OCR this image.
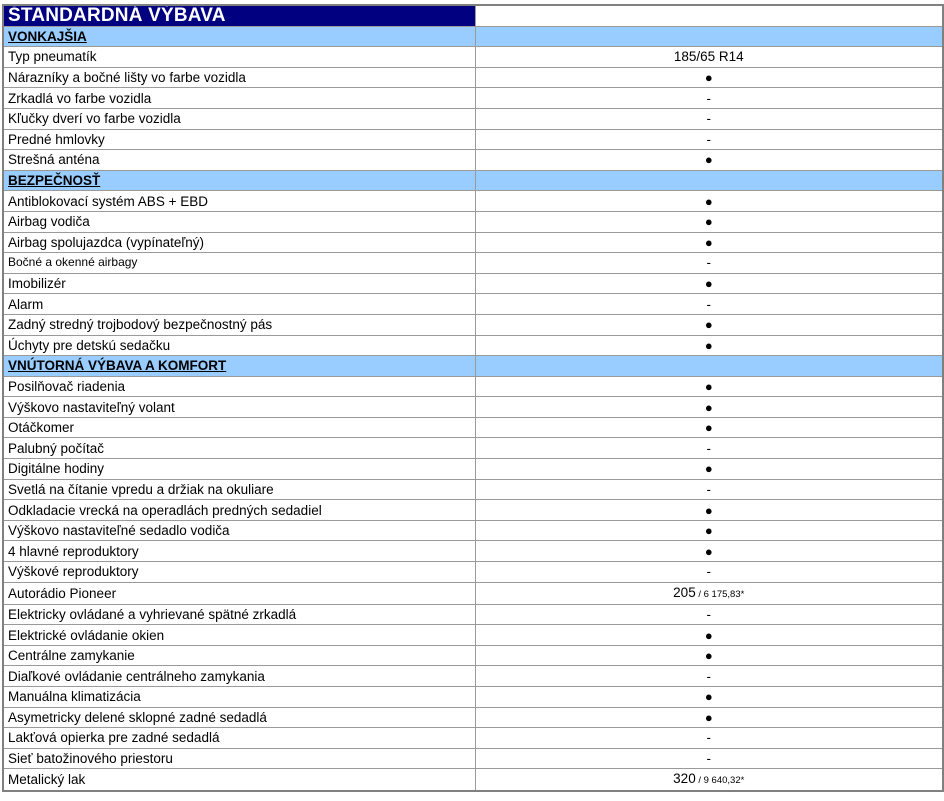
ŠTANDARDNÁ VÝBAVA	
VONKAJŠIA	
Typ pneumatík	185/65 R14
Nárazníky a bočné lišty vo farbe vozidla	●
Zrkadlá vo farbe vozidla	-
Kľučky dverí vo farbe vozidla	-
Predné hmlovky	-
Strešná anténa	●
BEZPEČNOSŤ	
Antiblokovací systém ABS + EBD	●
Airbag vodiča	●
Airbag spolujazdca (vypínateľný)	●
Bočné a okenné airbagy	-
Imobilizér	●
Alarm	-
Zadný stredný trojbodový bezpečnostný pás	●
Úchyty pre detskú sedačku	●
VNÚTORNÁ VÝBAVA A KOMFORT	
Posilňovač riadenia	●
Výškovo nastaviteľný volant	●
Otáčkomer	●
Palubný počítač	-
Digitálne hodiny	●
Svetlá na čítanie vpredu a držiak na okuliare	-
Odkladacie vrecká na operadlách predných sedadiel	●
Výškovo nastaviteľné sedadlo vodiča	●
4 hlavné reproduktory	●
Výškové reproduktory	-
Autorádio Pioneer	205 / 6 175,83*
Elektricky ovládané a vyhrievané spätné zrkadlá	-
Elektrické ovládanie okien	●
Centrálne zamykanie	●
Diaľkové ovládanie centrálneho zamykania	-
Manuálna klimatizácia	●
Asymetricky delené sklopné zadné sedadlá	●
Lakťová opierka pre zadné sedadlá	-
Sieť batožinového priestoru	-
Metalický lak	320 / 9 640,32*
